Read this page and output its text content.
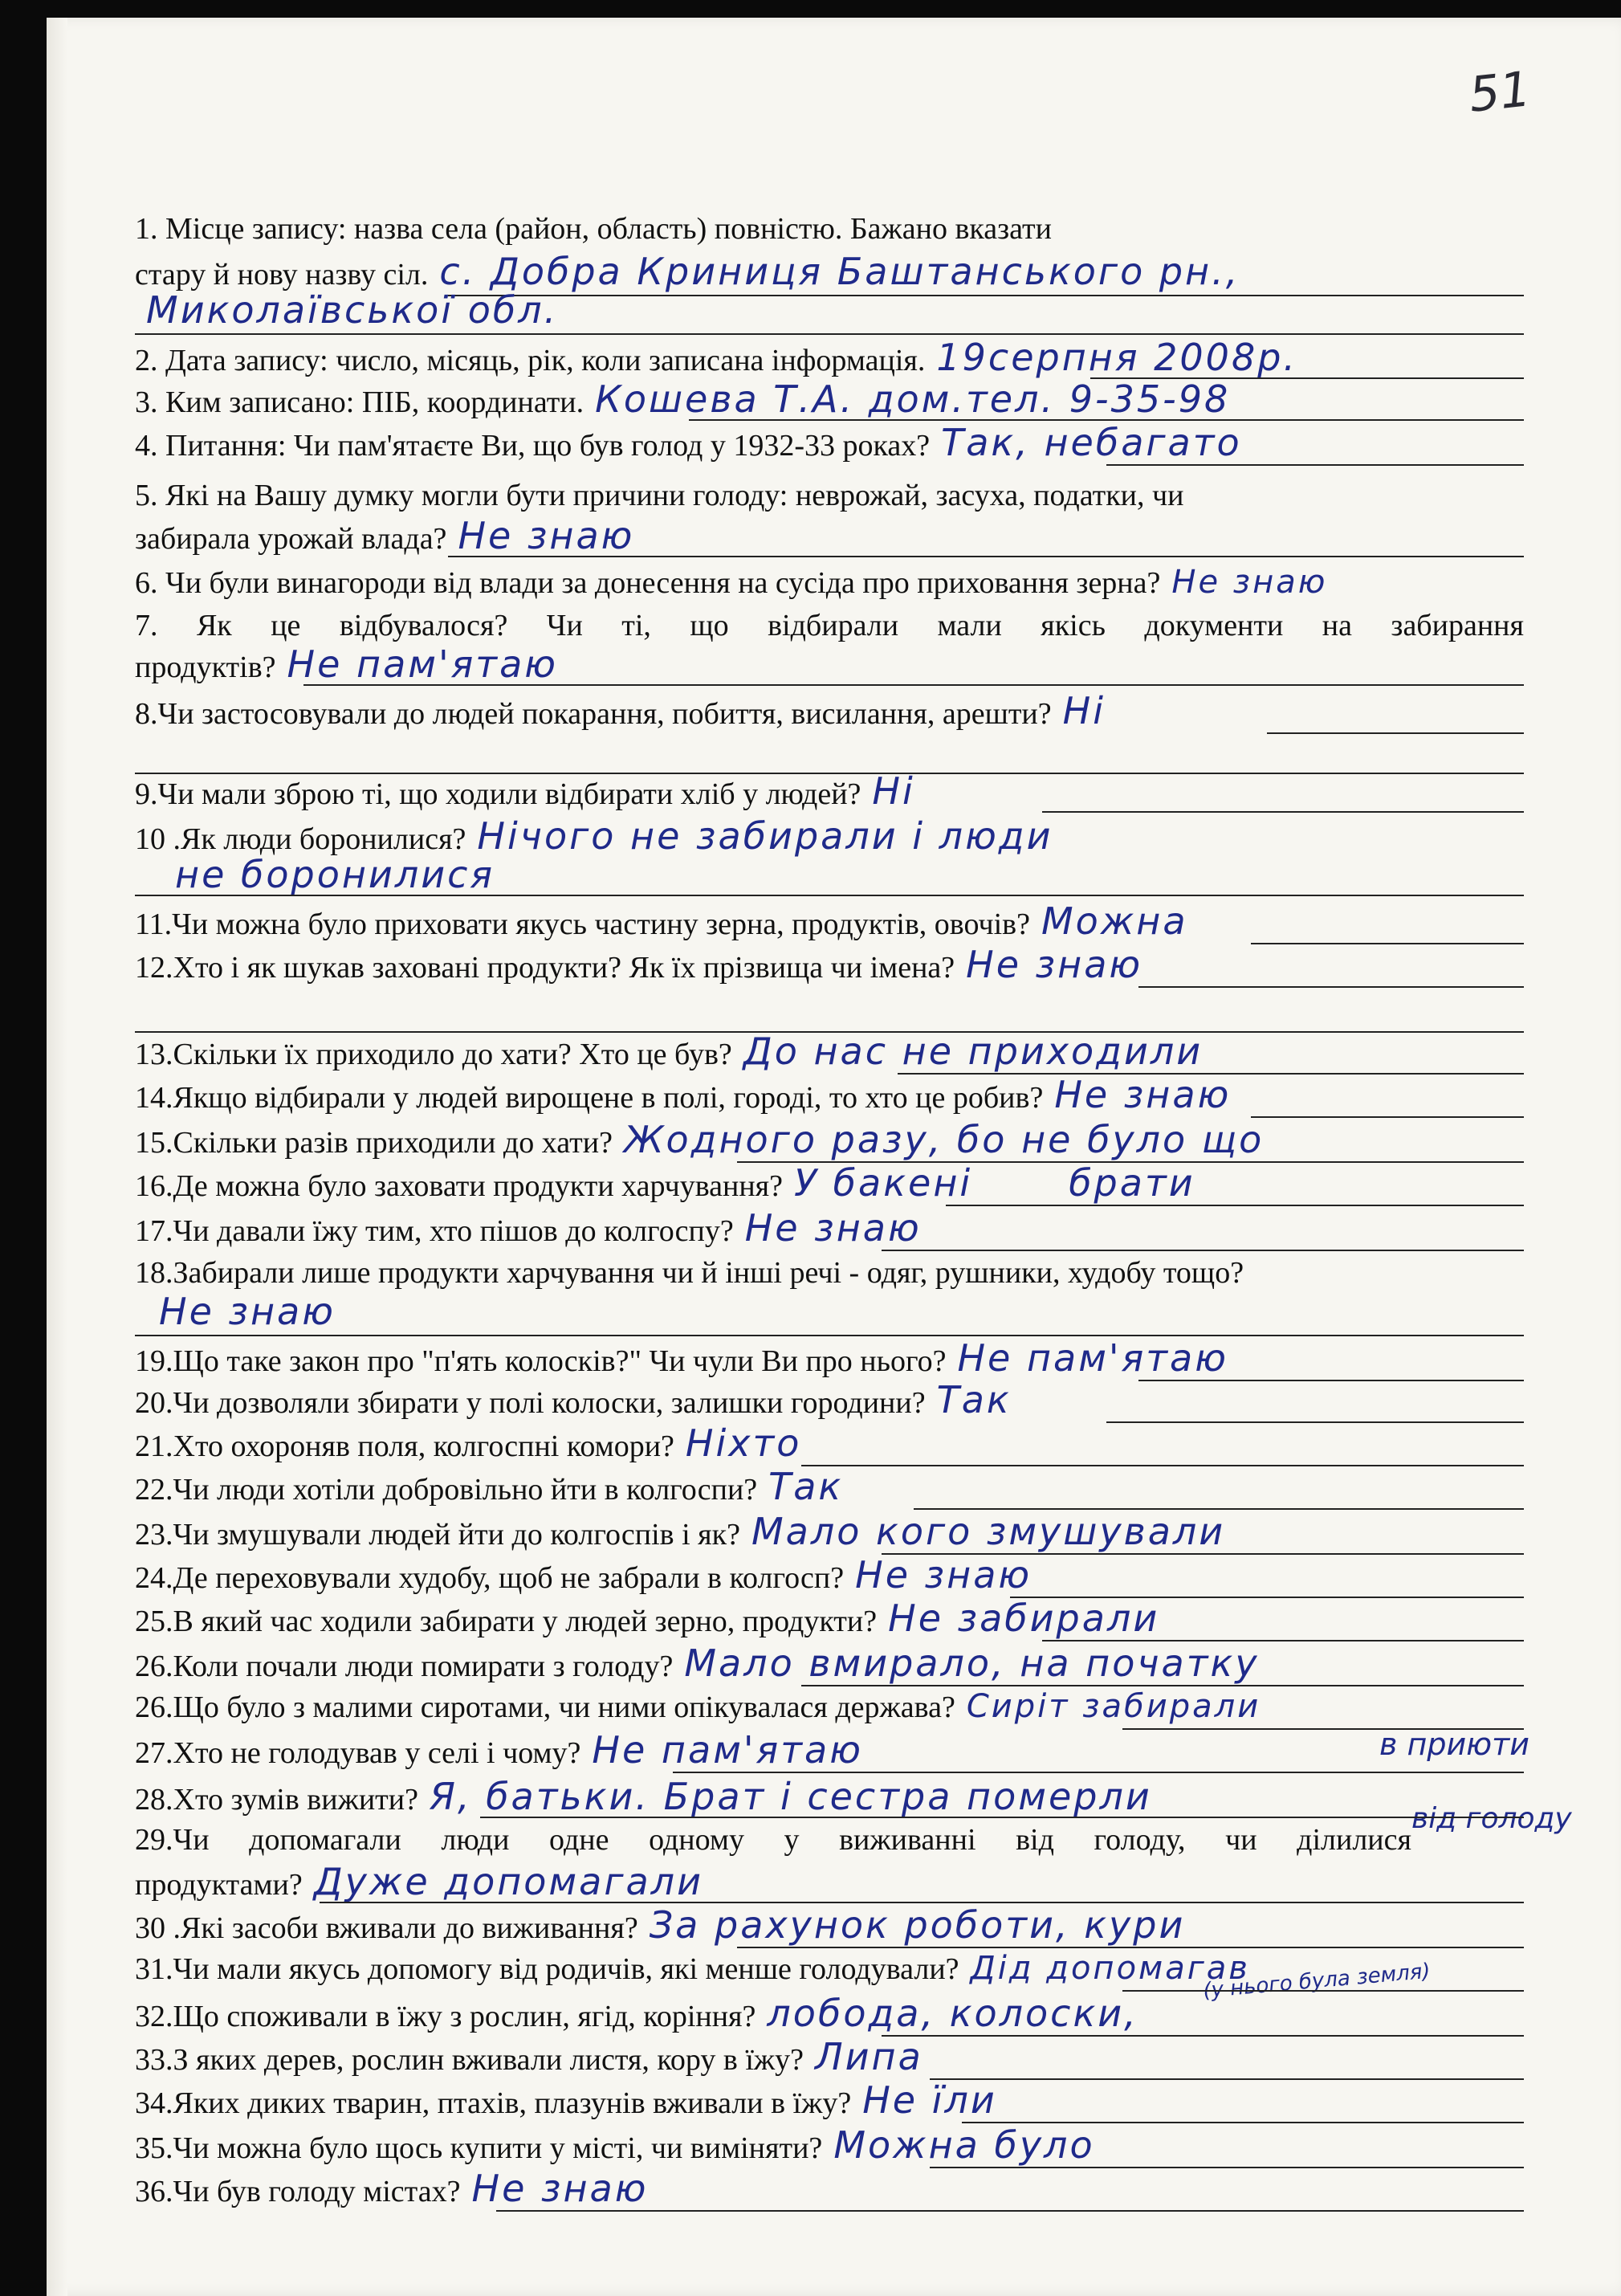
51
1. Місце запису: назва села (район, область) повністю. Бажано вказати
стару й нову назву сіл. с. Добра Криниця Баштанського рн.,
Миколаївської обл.
2. Дата запису: число, місяць, рік, коли записана інформація. 19серпня 2008р.
3. Ким записано: ПІБ, координати. Кошева Т.А. дом.тел. 9-35-98
4. Питання: Чи пам'ятаєте Ви, що був голод у 1932-33 роках? Так, небагато
5. Які на Вашу думку могли бути причини голоду: неврожай, засуха, податки, чи
забирала урожай влада? Не знаю
6. Чи були винагороди від влади за донесення на сусіда про приховання зерна? Не знаю
7. Як це відбувалося? Чи ті, що відбирали мали якісь документи на забирання
продуктів? Не пам'ятаю
8.Чи застосовували до людей покарання, побиття, висилання, арешти? Ні
9.Чи мали зброю ті, що ходили відбирати хліб у людей? Ні
10 .Як люди боронилися? Нічого не забирали і люди
не боронилися
11.Чи можна було приховати якусь частину зерна, продуктів, овочів? Можна
12.Хто і як шукав заховані продукти? Як їх прізвища чи імена? Не знаю
13.Скільки їх приходило до хати? Хто це був? До нас не приходили
14.Якщо відбирали у людей вирощене в полі, городі, то хто це робив? Не знаю
15.Скільки разів приходили до хати? Жодного разу, бо не було що
16.Де можна було заховати продукти харчування? У бакені	брати
17.Чи давали їжу тим, хто пішов до колгоспу? Не знаю
18.Забирали лише продукти харчування чи й інші речі - одяг, рушники, худобу тощо?
Не знаю
19.Що таке закон про "п'ять колосків?" Чи чули Ви про нього? Не пам'ятаю
20.Чи дозволяли збирати у полі колоски, залишки городини? Так
21.Хто охороняв поля, колгоспні комори? Ніхто
22.Чи люди хотіли добровільно йти в колгоспи? Так
23.Чи змушували людей йти до колгоспів і як? Мало кого змушували
24.Де переховували худобу, щоб не забрали в колгосп? Не знаю
25.В який час ходили забирати у людей зерно, продукти? Не забирали
26.Коли почали люди помирати з голоду? Мало вмирало, на початку
26.Що було з малими сиротами, чи ними опікувалася держава? Сиріт забирали
в приюти
27.Хто не голодував у селі і чому? Не пам'ятаю
28.Хто зумів вижити? Я, батьки. Брат і сестра померли
від голоду
29.Чи допомагали люди одне одному у виживанні від голоду, чи ділилися
продуктами? Дуже допомагали
30 .Які засоби вживали до виживання? За рахунок роботи, кури
31.Чи мали якусь допомогу від родичів, які менше голодували? Дід допомагав
(у нього була земля)
32.Що споживали в їжу з рослин, ягід, коріння? лобода, колоски,
33.З яких дерев, рослин вживали листя, кору в їжу? Липа
34.Яких диких тварин, птахів, плазунів вживали в їжу? Не їли
35.Чи можна було щось купити у місті, чи виміняти? Можна було
36.Чи був голоду містах? Не знаю
